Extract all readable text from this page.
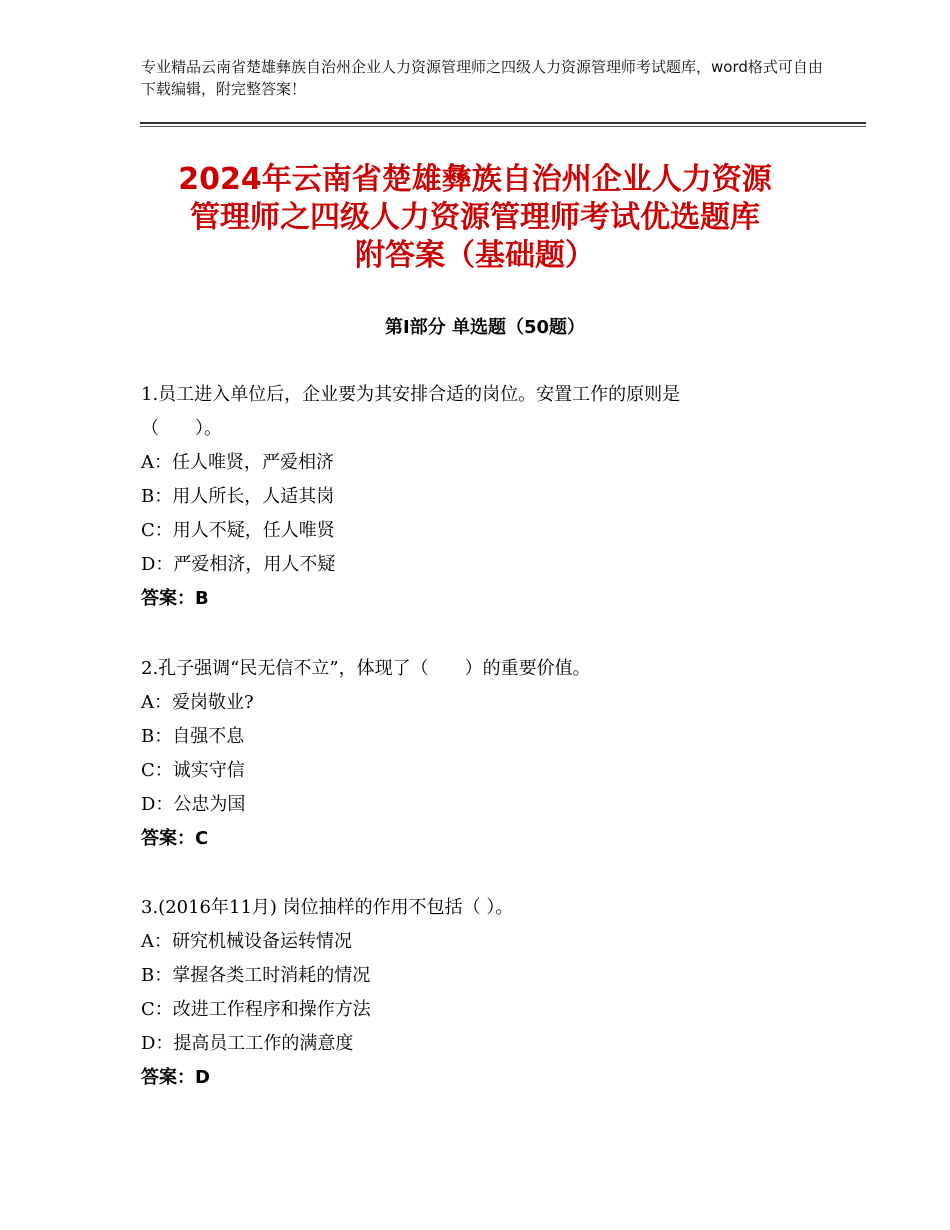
专业精品云南省楚雄彝族自治州企业人力资源管理师之四级人力资源管理师考试题库，word格式可自由下载编辑，附完整答案！
2024年云南省楚雄彝族自治州企业人力资源
管理师之四级人力资源管理师考试优选题库
附答案（基础题）
第Ⅰ部分 单选题（50题）
1.员工进入单位后，企业要为其安排合适的岗位。安置工作的原则是
（　　）。
A：任人唯贤，严爱相济
B：用人所长，人适其岗
C：用人不疑，任人唯贤
D：严爱相济，用人不疑
答案：B
2.孔子强调“民无信不立”，体现了（　　）的重要价值。
A：爱岗敬业?
B：自强不息
C：诚实守信
D：公忠为国
答案：C
3.(2016年11月) 岗位抽样的作用不包括（ ）。
A：研究机械设备运转情况
B：掌握各类工时消耗的情况
C：改进工作程序和操作方法
D：提高员工工作的满意度
答案：D
